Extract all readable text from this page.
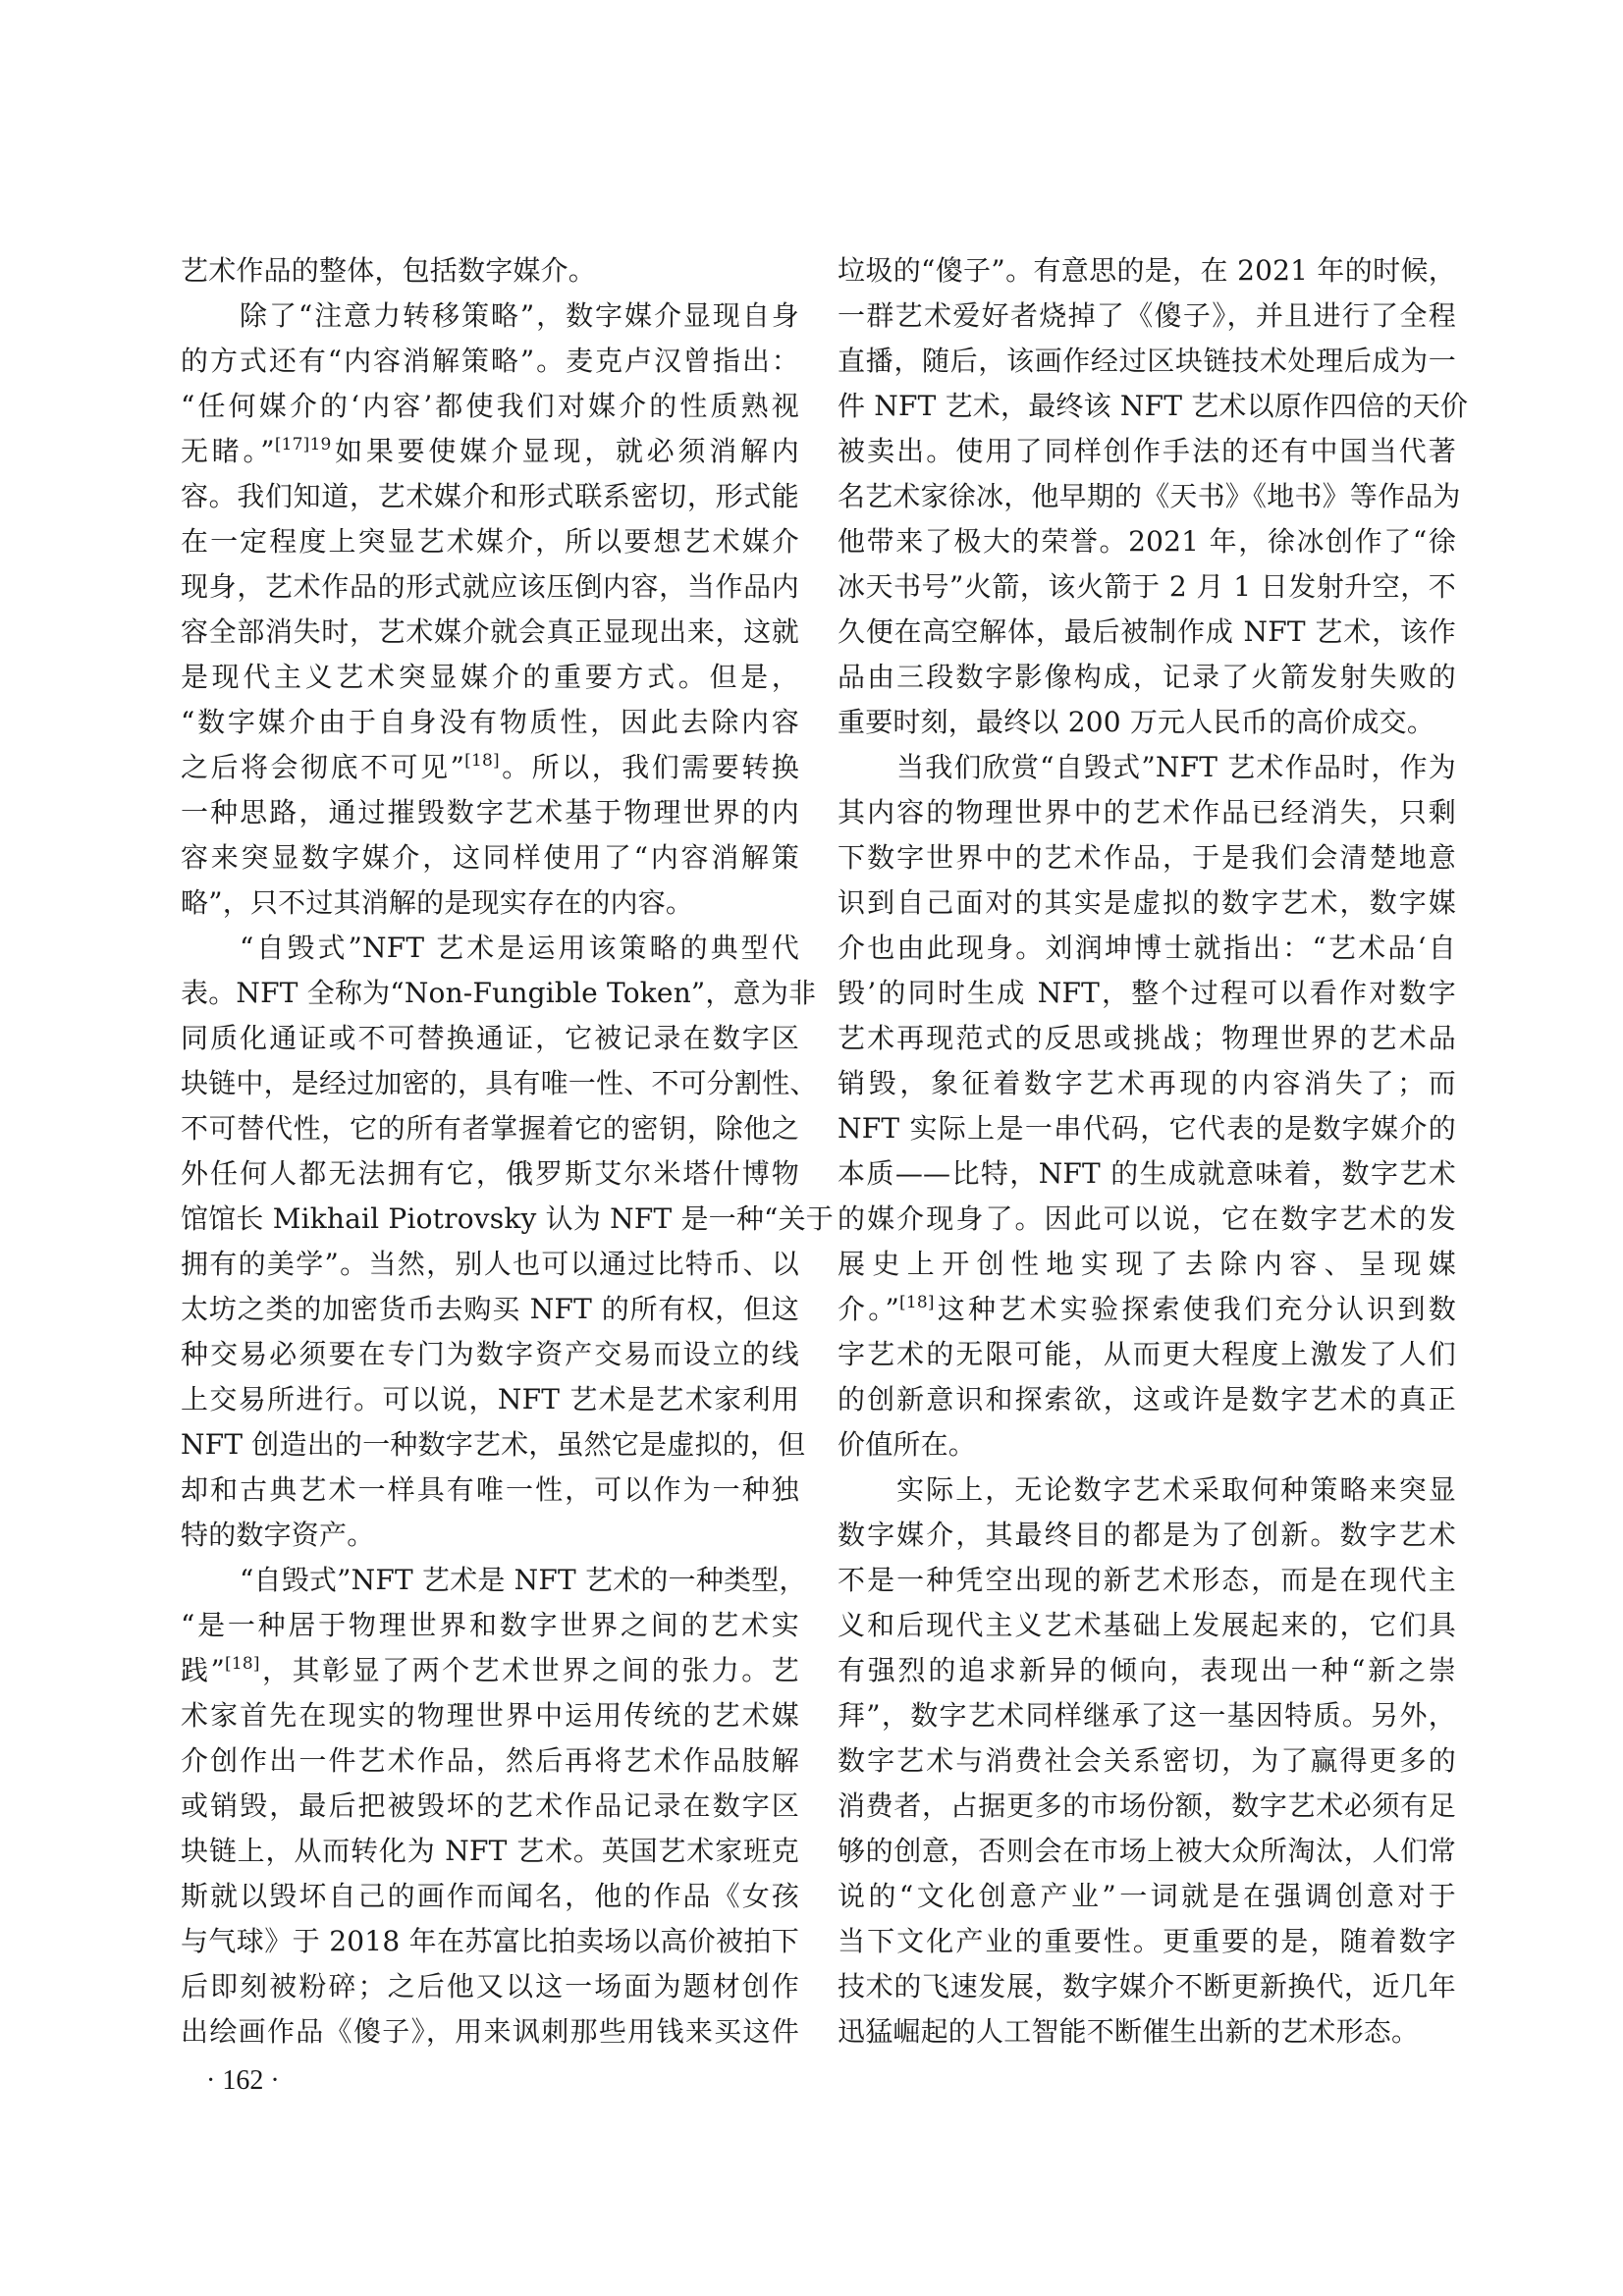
艺术作品的整体，包括数字媒介。
除了“注意力转移策略”，数字媒介显现自身
的方式还有“内容消解策略”。麦克卢汉曾指出：
“任何媒介的‘内容’都使我们对媒介的性质熟视
无睹。”$^{[17]19}$如果要使媒介显现，就必须消解内
容。我们知道，艺术媒介和形式联系密切，形式能
在一定程度上突显艺术媒介，所以要想艺术媒介
现身，艺术作品的形式就应该压倒内容，当作品内
容全部消失时，艺术媒介就会真正显现出来，这就
是现代主义艺术突显媒介的重要方式。但是，
“数字媒介由于自身没有物质性，因此去除内容
之后将会彻底不可见”[18]。所以，我们需要转换
一种思路，通过摧毁数字艺术基于物理世界的内
容来突显数字媒介，这同样使用了“内容消解策
略”，只不过其消解的是现实存在的内容。
“自毁式”NFT 艺术是运用该策略的典型代
表。NFT 全称为“Non-Fungible Token”，意为非
同质化通证或不可替换通证，它被记录在数字区
块链中，是经过加密的，具有唯一性、不可分割性、
不可替代性，它的所有者掌握着它的密钥，除他之
外任何人都无法拥有它，俄罗斯艾尔米塔什博物
馆馆长 Mikhail Piotrovsky 认为 NFT 是一种“关于
拥有的美学”。当然，别人也可以通过比特币、以
太坊之类的加密货币去购买 NFT 的所有权，但这
种交易必须要在专门为数字资产交易而设立的线
上交易所进行。可以说，NFT 艺术是艺术家利用
NFT 创造出的一种数字艺术，虽然它是虚拟的，但
却和古典艺术一样具有唯一性，可以作为一种独
特的数字资产。
“自毁式”NFT 艺术是 NFT 艺术的一种类型，
“是一种居于物理世界和数字世界之间的艺术实
践”[18]，其彰显了两个艺术世界之间的张力。艺
术家首先在现实的物理世界中运用传统的艺术媒
介创作出一件艺术作品，然后再将艺术作品肢解
或销毁，最后把被毁坏的艺术作品记录在数字区
块链上，从而转化为 NFT 艺术。英国艺术家班克
斯就以毁坏自己的画作而闻名，他的作品《女孩
与气球》于 2018 年在苏富比拍卖场以高价被拍下
后即刻被粉碎；之后他又以这一场面为题材创作
出绘画作品《傻子》，用来讽刺那些用钱来买这件
垃圾的“傻子”。有意思的是，在 2021 年的时候，
一群艺术爱好者烧掉了《傻子》，并且进行了全程
直播，随后，该画作经过区块链技术处理后成为一
件 NFT 艺术，最终该 NFT 艺术以原作四倍的天价
被卖出。使用了同样创作手法的还有中国当代著
名艺术家徐冰，他早期的《天书》《地书》等作品为
他带来了极大的荣誉。2021 年，徐冰创作了“徐
冰天书号”火箭，该火箭于 2 月 1 日发射升空，不
久便在高空解体，最后被制作成 NFT 艺术，该作
品由三段数字影像构成，记录了火箭发射失败的
重要时刻，最终以 200 万元人民币的高价成交。
当我们欣赏“自毁式”NFT 艺术作品时，作为
其内容的物理世界中的艺术作品已经消失，只剩
下数字世界中的艺术作品，于是我们会清楚地意
识到自己面对的其实是虚拟的数字艺术，数字媒
介也由此现身。刘润坤博士就指出：“艺术品‘自
毁’的同时生成 NFT，整个过程可以看作对数字
艺术再现范式的反思或挑战；物理世界的艺术品
销毁，象征着数字艺术再现的内容消失了；而
NFT 实际上是一串代码，它代表的是数字媒介的
本质——比特，NFT 的生成就意味着，数字艺术
的媒介现身了。因此可以说，它在数字艺术的发
展史上开创性地实现了去除内容、呈现媒
介。”[18]这种艺术实验探索使我们充分认识到数
字艺术的无限可能，从而更大程度上激发了人们
的创新意识和探索欲，这或许是数字艺术的真正
价值所在。
实际上，无论数字艺术采取何种策略来突显
数字媒介，其最终目的都是为了创新。数字艺术
不是一种凭空出现的新艺术形态，而是在现代主
义和后现代主义艺术基础上发展起来的，它们具
有强烈的追求新异的倾向，表现出一种“新之崇
拜”，数字艺术同样继承了这一基因特质。另外，
数字艺术与消费社会关系密切，为了赢得更多的
消费者，占据更多的市场份额，数字艺术必须有足
够的创意，否则会在市场上被大众所淘汰，人们常
说的“文化创意产业”一词就是在强调创意对于
当下文化产业的重要性。更重要的是，随着数字
技术的飞速发展，数字媒介不断更新换代，近几年
迅猛崛起的人工智能不断催生出新的艺术形态。
· 162 ·
